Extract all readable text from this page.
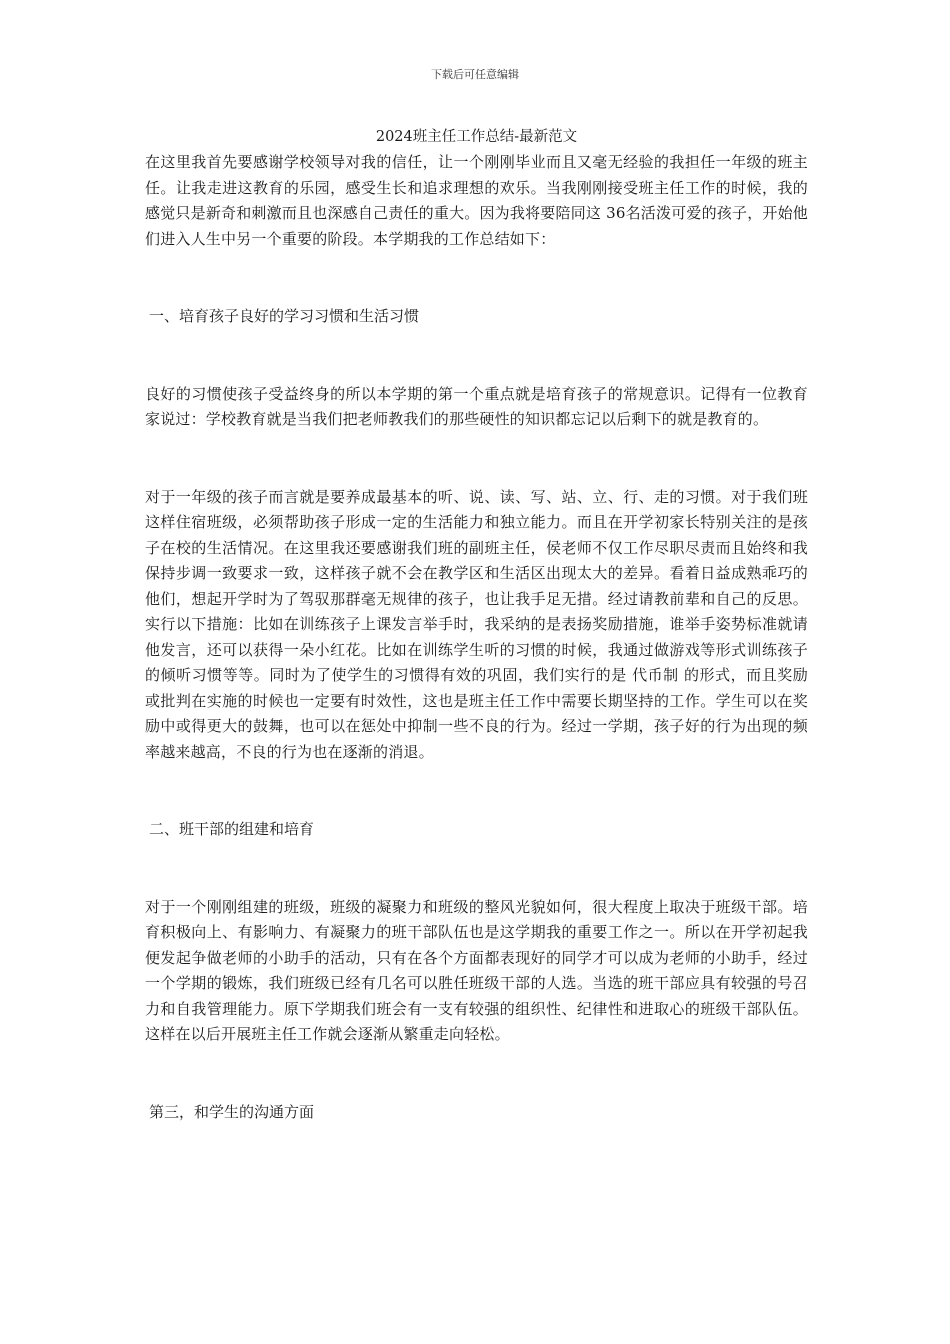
下载后可任意编辑
2024班主任工作总结-最新范文

在这里我首先要感谢学校领导对我的信任，让一个刚刚毕业而且又毫无经验的我担任一年级的班主任。让我走进这教育的乐园，感受生长和追求理想的欢乐。当我刚刚接受班主任工作的时候，我的感觉只是新奇和刺激而且也深感自己责任的重大。因为我将要陪同这 36名活泼可爱的孩子，开始他们进入人生中另一个重要的阶段。本学期我的工作总结如下：

一、培育孩子良好的学习习惯和生活习惯

良好的习惯使孩子受益终身的所以本学期的第一个重点就是培育孩子的常规意识。记得有一位教育家说过：学校教育就是当我们把老师教我们的那些硬性的知识都忘记以后剩下的就是教育的。

对于一年级的孩子而言就是要养成最基本的听、说、读、写、站、立、行、走的习惯。对于我们班这样住宿班级，必须帮助孩子形成一定的生活能力和独立能力。而且在开学初家长特别关注的是孩子在校的生活情况。在这里我还要感谢我们班的副班主任，侯老师不仅工作尽职尽责而且始终和我保持步调一致要求一致，这样孩子就不会在教学区和生活区出现太大的差异。看着日益成熟乖巧的他们，想起开学时为了驾驭那群毫无规律的孩子，也让我手足无措。经过请教前辈和自己的反思。实行以下措施：比如在训练孩子上课发言举手时，我采纳的是表扬奖励措施，谁举手姿势标准就请他发言，还可以获得一朵小红花。比如在训练学生听的习惯的时候，我通过做游戏等形式训练孩子的倾听习惯等等。同时为了使学生的习惯得有效的巩固，我们实行的是 代币制 的形式，而且奖励或批判在实施的时候也一定要有时效性，这也是班主任工作中需要长期坚持的工作。学生可以在奖励中或得更大的鼓舞，也可以在惩处中抑制一些不良的行为。经过一学期，孩子好的行为出现的频率越来越高，不良的行为也在逐渐的消退。

二、班干部的组建和培育

对于一个刚刚组建的班级，班级的凝聚力和班级的整风光貌如何，很大程度上取决于班级干部。培育积极向上、有影响力、有凝聚力的班干部队伍也是这学期我的重要工作之一。所以在开学初起我便发起争做老师的小助手的活动，只有在各个方面都表现好的同学才可以成为老师的小助手，经过一个学期的锻炼，我们班级已经有几名可以胜任班级干部的人选。当选的班干部应具有较强的号召力和自我管理能力。原下学期我们班会有一支有较强的组织性、纪律性和进取心的班级干部队伍。这样在以后开展班主任工作就会逐渐从繁重走向轻松。

第三，和学生的沟通方面
